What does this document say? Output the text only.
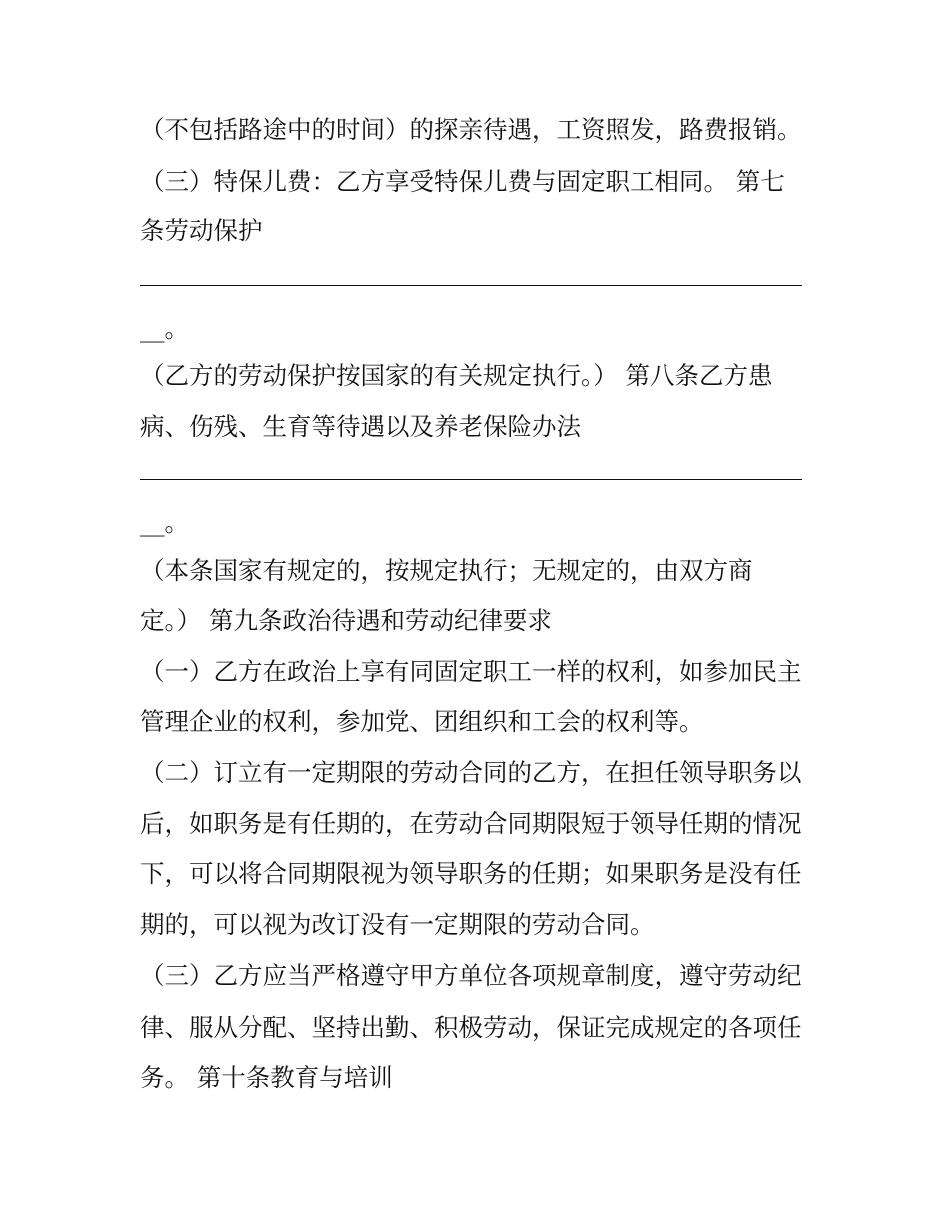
（不包括路途中的时间）的探亲待遇，工资照发，路费报销。
（三）特保儿费：乙方享受特保儿费与固定职工相同。 第七
条劳动保护
__。
（乙方的劳动保护按国家的有关规定执行。） 第八条乙方患
病、伤残、生育等待遇以及养老保险办法
__。
（本条国家有规定的，按规定执行；无规定的，由双方商
定。） 第九条政治待遇和劳动纪律要求
（一）乙方在政治上享有同固定职工一样的权利，如参加民主
管理企业的权利，参加党、团组织和工会的权利等。
（二）订立有一定期限的劳动合同的乙方，在担任领导职务以
后，如职务是有任期的，在劳动合同期限短于领导任期的情况
下，可以将合同期限视为领导职务的任期；如果职务是没有任
期的，可以视为改订没有一定期限的劳动合同。
（三）乙方应当严格遵守甲方单位各项规章制度，遵守劳动纪
律、服从分配、坚持出勤、积极劳动，保证完成规定的各项任
务。 第十条教育与培训
